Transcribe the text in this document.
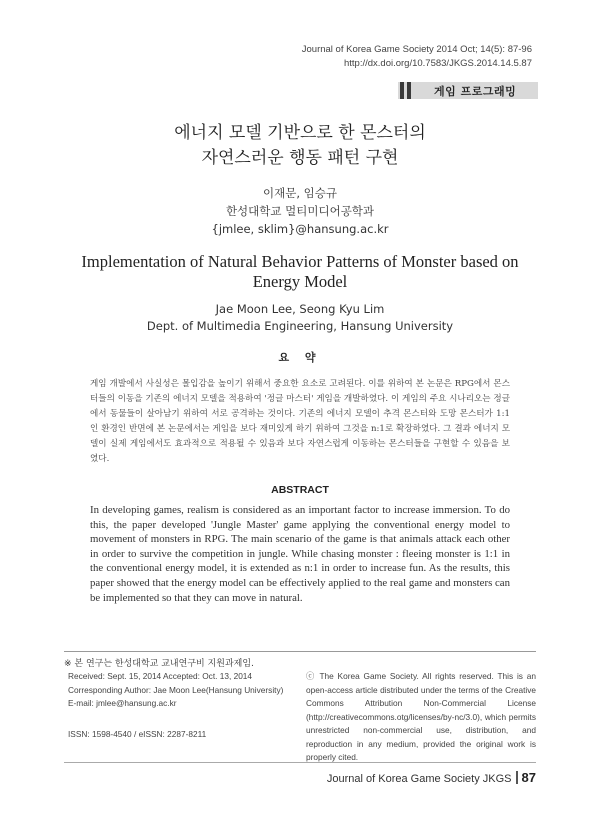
Journal of Korea Game Society 2014 Oct; 14(5): 87-96
http://dx.doi.org/10.7583/JKGS.2014.14.5.87
게임 프로그래밍
에너지 모델 기반으로 한 몬스터의
자연스러운 행동 패턴 구현
이재문, 임승규
한성대학교 멀티미디어공학과
{jmlee, sklim}@hansung.ac.kr
Implementation of Natural Behavior Patterns of Monster based on
Energy Model
Jae Moon Lee, Seong Kyu Lim
Dept. of Multimedia Engineering, Hansung University
요 약

게임 개발에서 사실성은 몰입감을 높이기 위해서 중요한 요소로 고려된다. 이를 위하여 본 논문은 RPG에서 몬스터들의 이동을 기존의 에너지 모델을 적용하여 '정글 마스터' 게임을 개발하였다. 이 게임의 주요 시나리오는 정글에서 동물들이 살아남기 위하여 서로 공격하는 것이다. 기존의 에너지 모델이 추격 몬스터와 도망 몬스터가 1:1인 환경인 반면에 본 논문에서는 게임을 보다 재미있게 하기 위하여 그것을 n:1로 확장하였다. 그 결과 에너지 모델이 실제 게임에서도 효과적으로 적용될 수 있음과 보다 자연스럽게 이동하는 몬스터들을 구현할 수 있음을 보였다.

ABSTRACT

In developing games, realism is considered as an important factor to increase immersion. To do this, the paper developed 'Jungle Master' game applying the conventional energy model to movement of monsters in RPG. The main scenario of the game is that animals attack each other in order to survive the competition in jungle. While chasing monster : fleeing monster is 1:1 in the conventional energy model, it is extended as n:1 in order to increase fun. As the results, this paper showed that the energy model can be effectively applied to the real game and monsters can be implemented so that they can move in natural.

※ 본 연구는 한성대학교 교내연구비 지원과제임.
Received: Sept. 15, 2014 Accepted: Oct. 13, 2014
Corresponding Author: Jae Moon Lee(Hansung University)
E-mail: jmlee@hansung.ac.kr
ISSN: 1598-4540 / eISSN: 2287-8211

ⓒ The Korea Game Society. All rights reserved. This is an open-access article distributed under the terms of the Creative Commons Attribution Non-Commercial License (http://creativecommons.otg/licenses/by-nc/3.0), which permits unrestricted non-commercial use, distribution, and reproduction in any medium, provided the original work is properly cited.

Journal of Korea Game Society JKGS 87
